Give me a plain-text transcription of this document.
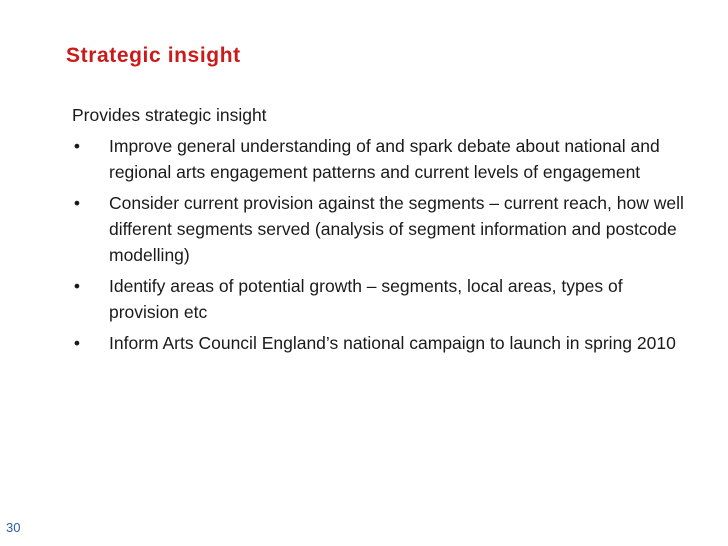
Strategic insight

Provides strategic insight

• Improve general understanding of and spark debate about national and regional arts engagement patterns and current levels of engagement
• Consider current provision against the segments – current reach, how well different segments served (analysis of segment information and postcode modelling)
• Identify areas of potential growth – segments, local areas, types of provision etc
• Inform Arts Council England’s national campaign to launch in spring 2010
30
